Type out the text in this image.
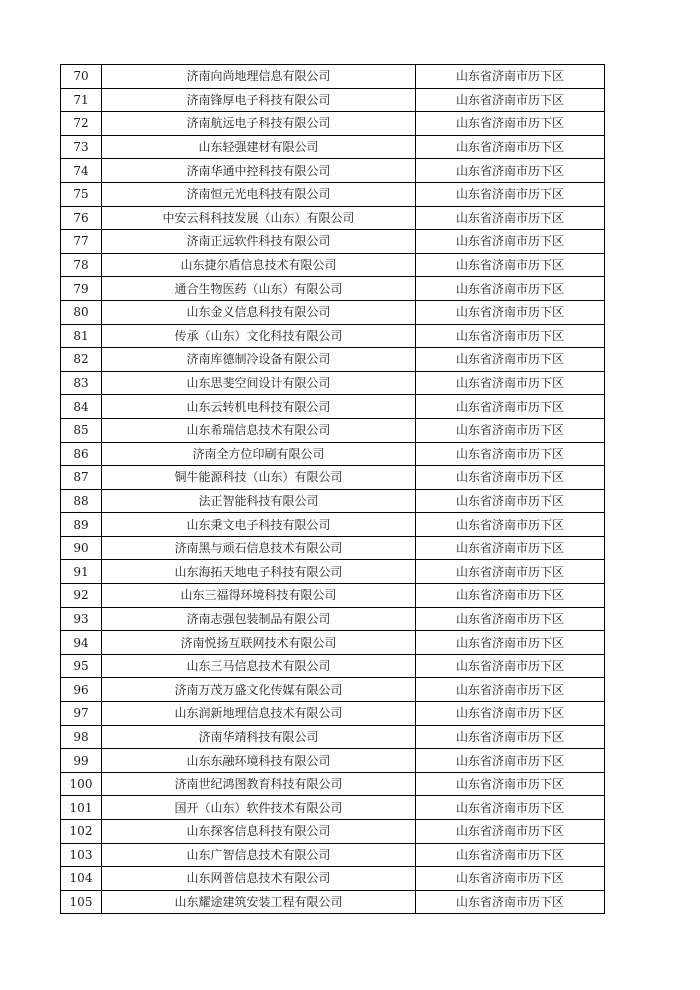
70	济南向尚地理信息有限公司	山东省济南市历下区
71	济南锋厚电子科技有限公司	山东省济南市历下区
72	济南航远电子科技有限公司	山东省济南市历下区
73	山东轻强建材有限公司	山东省济南市历下区
74	济南华通中控科技有限公司	山东省济南市历下区
75	济南恒元光电科技有限公司	山东省济南市历下区
76	中安云科科技发展（山东）有限公司	山东省济南市历下区
77	济南正远软件科技有限公司	山东省济南市历下区
78	山东捷尔盾信息技术有限公司	山东省济南市历下区
79	通合生物医药（山东）有限公司	山东省济南市历下区
80	山东金义信息科技有限公司	山东省济南市历下区
81	传承（山东）文化科技有限公司	山东省济南市历下区
82	济南库德制冷设备有限公司	山东省济南市历下区
83	山东思斐空间设计有限公司	山东省济南市历下区
84	山东云转机电科技有限公司	山东省济南市历下区
85	山东希瑞信息技术有限公司	山东省济南市历下区
86	济南全方位印刷有限公司	山东省济南市历下区
87	铜牛能源科技（山东）有限公司	山东省济南市历下区
88	法正智能科技有限公司	山东省济南市历下区
89	山东秉文电子科技有限公司	山东省济南市历下区
90	济南黑与顽石信息技术有限公司	山东省济南市历下区
91	山东海拓天地电子科技有限公司	山东省济南市历下区
92	山东三福得环境科技有限公司	山东省济南市历下区
93	济南志强包装制品有限公司	山东省济南市历下区
94	济南悦扬互联网技术有限公司	山东省济南市历下区
95	山东三马信息技术有限公司	山东省济南市历下区
96	济南万茂万盛文化传媒有限公司	山东省济南市历下区
97	山东润新地理信息技术有限公司	山东省济南市历下区
98	济南华靖科技有限公司	山东省济南市历下区
99	山东东融环境科技有限公司	山东省济南市历下区
100	济南世纪鸿图教育科技有限公司	山东省济南市历下区
101	国开（山东）软件技术有限公司	山东省济南市历下区
102	山东探客信息科技有限公司	山东省济南市历下区
103	山东广智信息技术有限公司	山东省济南市历下区
104	山东网普信息技术有限公司	山东省济南市历下区
105	山东耀途建筑安装工程有限公司	山东省济南市历下区
